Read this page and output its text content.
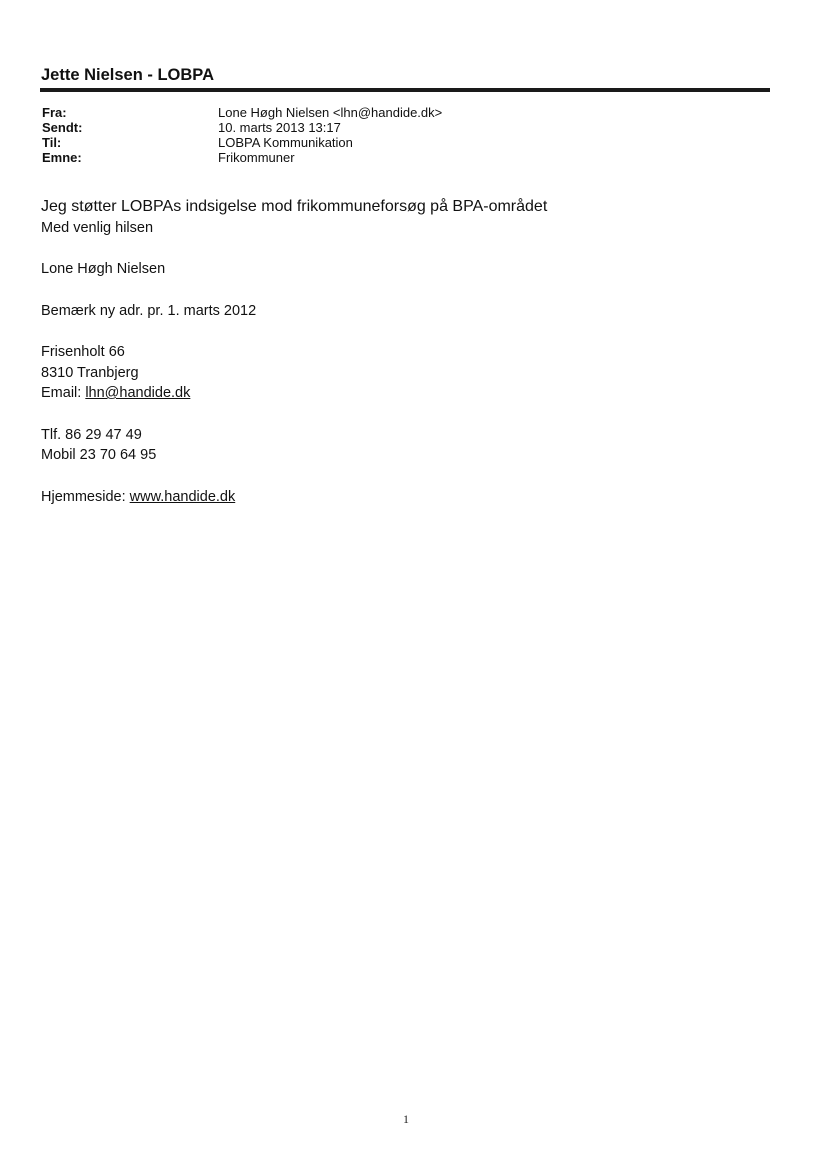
Jette Nielsen - LOBPA
Fra:	Lone Høgh Nielsen <lhn@handide.dk>
Sendt:	10. marts 2013 13:17
Til:	LOBPA Kommunikation
Emne:	Frikommuner
Jeg støtter LOBPAs indsigelse mod frikommuneforsøg på BPA-området
Med venlig hilsen
Lone Høgh Nielsen
Bemærk ny adr. pr. 1. marts 2012
Frisenholt 66
8310 Tranbjerg
Email: lhn@handide.dk
Tlf. 86 29 47 49
Mobil 23 70 64 95
Hjemmeside: www.handide.dk
1
